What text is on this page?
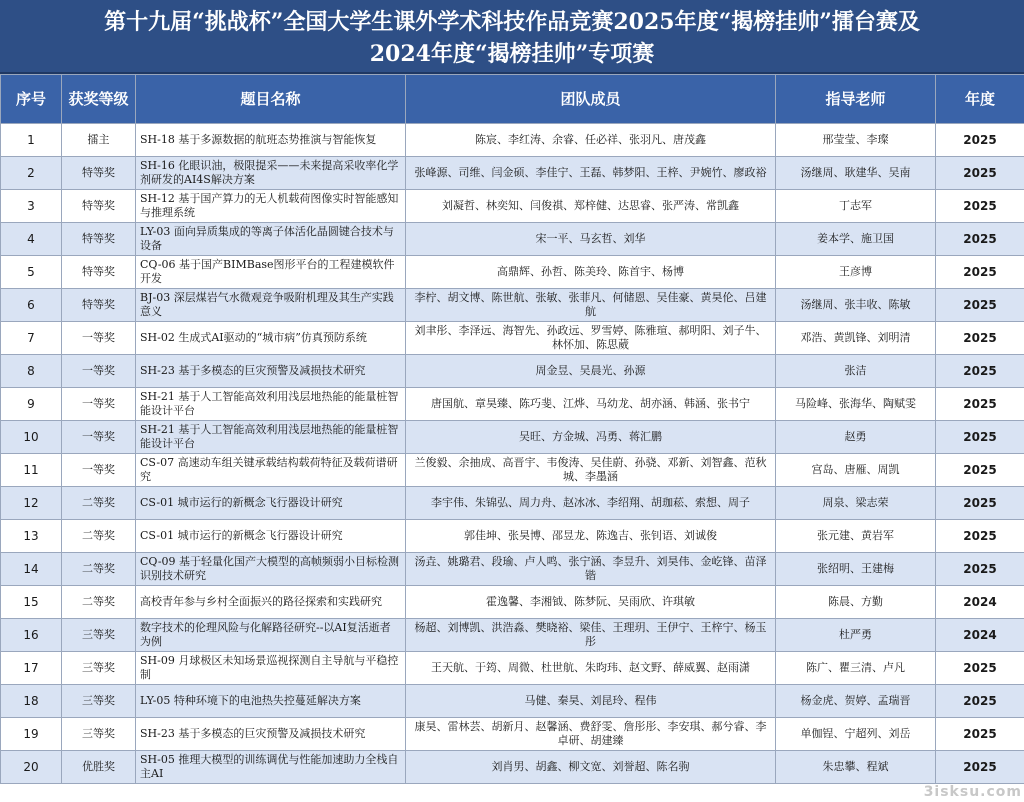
第十九届“挑战杯”全国大学生课外学术科技作品竞赛2025年度“揭榜挂帅”擂台赛及
2024年度“揭榜挂帅”专项赛
序号	获奖等级	题目名称	团队成员	指导老师	年度
1	擂主	SH-18 基于多源数据的航班态势推演与智能恢复	陈宸、李红涛、余睿、任必祥、张羽凡、唐茂鑫	邢莹莹、李璨	2025
2	特等奖	SH-16 化眼识油，极限提采——未来提高采收率化学剂研发的AI4S解决方案	张峰源、司维、闫金硕、李佳宁、王磊、韩梦阳、王梓、尹婉竹、廖政裕	汤继周、耿建华、吴南	2025
3	特等奖	SH-12 基于国产算力的无人机载荷图像实时智能感知与推理系统	刘凝哲、林奕知、闫俊祺、郑梓健、达思睿、张严涛、常凯鑫	丁志军	2025
4	特等奖	LY-03 面向异质集成的等离子体活化晶圆键合技术与设备	宋一平、马玄哲、刘华	姜本学、施卫国	2025
5	特等奖	CQ-06 基于国产BIMBase图形平台的工程建模软件开发	高鼎辉、孙哲、陈美玲、陈首宇、杨博	王彦博	2025
6	特等奖	BJ-03 深层煤岩气水微观竞争吸附机理及其生产实践意义	李柠、胡文博、陈世航、张敏、张菲凡、何储恩、吴佳豪、黄昊伦、吕建航	汤继周、张丰收、陈敏	2025
7	一等奖	SH-02 生成式AI驱动的“城市病”仿真预防系统	刘聿彤、李泽远、海智先、孙政远、罗雪婷、陈雅瑄、郝明阳、刘子牛、林怀加、陈思葳	邓浩、黄凯锋、刘明清	2025
8	一等奖	SH-23 基于多模态的巨灾预警及减损技术研究	周金昱、吴晨光、孙源	张洁	2025
9	一等奖	SH-21 基于人工智能高效利用浅层地热能的能量桩智能设计平台	唐国航、章昊臻、陈巧斐、江烨、马幼龙、胡亦涵、韩涵、张书宁	马险峰、张海华、陶赋雯	2025
10	一等奖	SH-21 基于人工智能高效利用浅层地热能的能量桩智能设计平台	吴旺、方金城、冯勇、蒋汇鹏	赵勇	2025
11	一等奖	CS-07 高速动车组关键承载结构载荷特征及载荷谱研究	兰俊毅、余抽成、高晋宇、韦俊涛、吴佳蔚、孙骁、邓新、刘智鑫、范秋城、李墨涵	宫岛、唐雁、周凯	2025
12	二等奖	CS-01 城市运行的新概念飞行器设计研究	李宇伟、朱锦弘、周力舟、赵冰冰、李绍翔、胡珈菘、索想、周子	周泉、梁志荣	2025
13	二等奖	CS-01 城市运行的新概念飞行器设计研究	郭佳坤、张昊博、邵昱龙、陈逸吉、张钊语、刘诚俊	张元建、黄岩军	2025
14	二等奖	CQ-09 基于轻量化国产大模型的高帧频弱小目标检测识别技术研究	汤垚、姚璐君、段瑜、卢人鸣、张宁涵、李昱升、刘昊伟、金屹锋、苗泽锴	张绍明、王建梅	2025
15	二等奖	高校青年参与乡村全面振兴的路径探索和实践研究	霍逸馨、李湘钺、陈梦阮、吴雨欣、许琪敏	陈晨、方勤	2024
16	三等奖	数字技术的伦理风险与化解路径研究--以AI复活逝者为例	杨超、刘博凯、洪浩淼、樊晓裕、梁佳、王理玥、王伊宁、王梓宁、杨玉彤	杜严勇	2024
17	三等奖	SH-09 月球极区未知场景巡视探测自主导航与平稳控制	王天航、于筠、周微、杜世航、朱昀玮、赵文野、薛威翼、赵雨潇	陈广、瞿三清、卢凡	2025
18	三等奖	LY-05 特种环境下的电池热失控蔓延解决方案	马健、秦昊、刘昆玲、程伟	杨金虎、贺婷、孟瑞晋	2025
19	三等奖	SH-23 基于多模态的巨灾预警及减损技术研究	康昊、雷林芸、胡新月、赵馨涵、费舒雯、詹彤彤、李安琪、郝兮睿、李卓研、胡建臻	单伽锃、宁超列、刘岳	2025
20	优胜奖	SH-05 推理大模型的训练调优与性能加速助力全栈自主AI	刘肖男、胡鑫、柳文宽、刘誉超、陈名驹	朱忠攀、程斌	2025
3isksu.com
